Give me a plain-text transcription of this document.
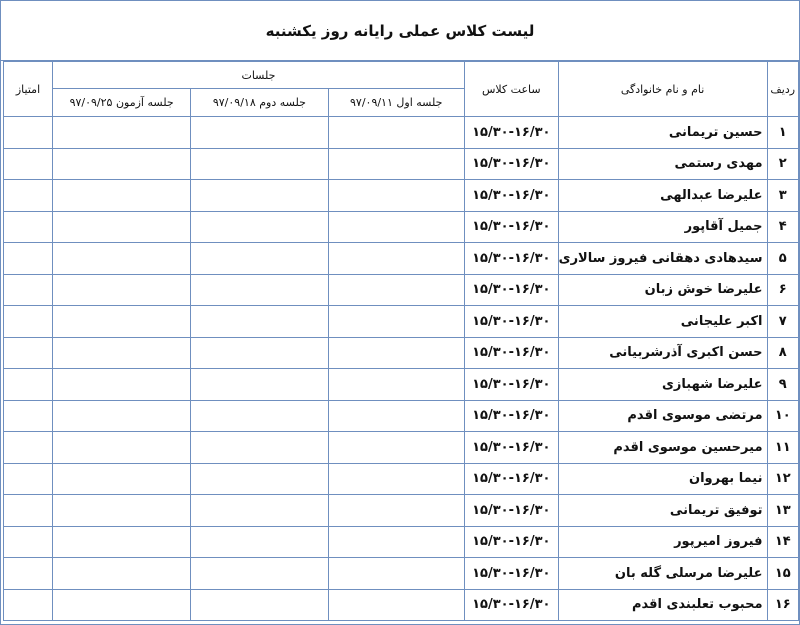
لیست کلاس عملی رایانه روز یکشنبه
ردیف	نام و نام خانوادگی	ساعت کلاس	جلسات			امتیاز
			جلسه اول ۹۷/۰۹/۱۱	جلسه دوم ۹۷/۰۹/۱۸	جلسه آزمون ۹۷/۰۹/۲۵	
۱	حسین تریمانی	۱۵/۳۰-۱۶/۳۰				
۲	مهدی رستمی	۱۵/۳۰-۱۶/۳۰				
۳	علیرضا عبدالهی	۱۵/۳۰-۱۶/۳۰				
۴	جمیل آقاپور	۱۵/۳۰-۱۶/۳۰				
۵	سیدهادی دهقانی فیروز سالاری	۱۵/۳۰-۱۶/۳۰				
۶	علیرضا خوش زبان	۱۵/۳۰-۱۶/۳۰				
۷	اکبر علیجانی	۱۵/۳۰-۱۶/۳۰				
۸	حسن اکبری آذرشربیانی	۱۵/۳۰-۱۶/۳۰				
۹	علیرضا شهبازی	۱۵/۳۰-۱۶/۳۰				
۱۰	مرتضی موسوی اقدم	۱۵/۳۰-۱۶/۳۰				
۱۱	میرحسین موسوی اقدم	۱۵/۳۰-۱۶/۳۰				
۱۲	نیما بهروان	۱۵/۳۰-۱۶/۳۰				
۱۳	توفیق تریمانی	۱۵/۳۰-۱۶/۳۰				
۱۴	فیروز امیرپور	۱۵/۳۰-۱۶/۳۰				
۱۵	علیرضا مرسلی گله بان	۱۵/۳۰-۱۶/۳۰				
۱۶	محبوب تعلبندی اقدم	۱۵/۳۰-۱۶/۳۰				
